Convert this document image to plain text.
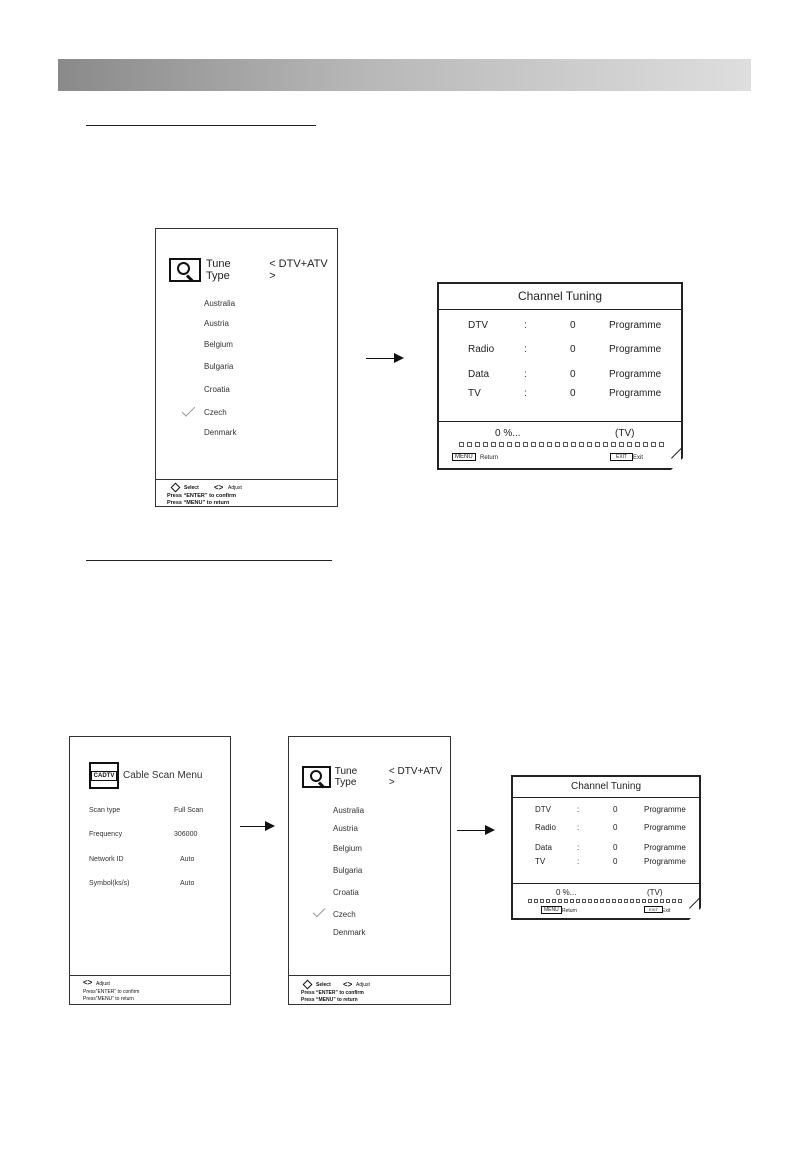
Tune Type
< DTV+ATV >
Australia
Austria
Belgium
Bulgaria
Croatia
Czech
Denmark
Select <> Adjust
Press “ENTER” to confirm
Press “MENU” to return
Channel Tuning
DTV	:	0	Programme
Radio	:	0	Programme
Data	:	0	Programme
TV	:	0	Programme
0 %...	(TV)
MENU	Return	EXIT Exit
CADTV Cable Scan Menu
Scan type	Full Scan
Frequency	306000
Network ID	Auto
Symbol(ks/s)	Auto
<> Adjust
Press“ENTER” to confirm
Press“MENU” to return
Tune Type
< DTV+ATV >
Australia
Austria
Belgium
Bulgaria
Croatia
Czech
Denmark
Select <> Adjust
Press “ENTER” to confirm
Press “MENU” to return
Channel Tuning
DTV	:	0	Programme
Radio	:	0	Programme
Data	:	0	Programme
TV	:	0	Programme
0 %...	(TV)
MENU Return	EXIT Exit
